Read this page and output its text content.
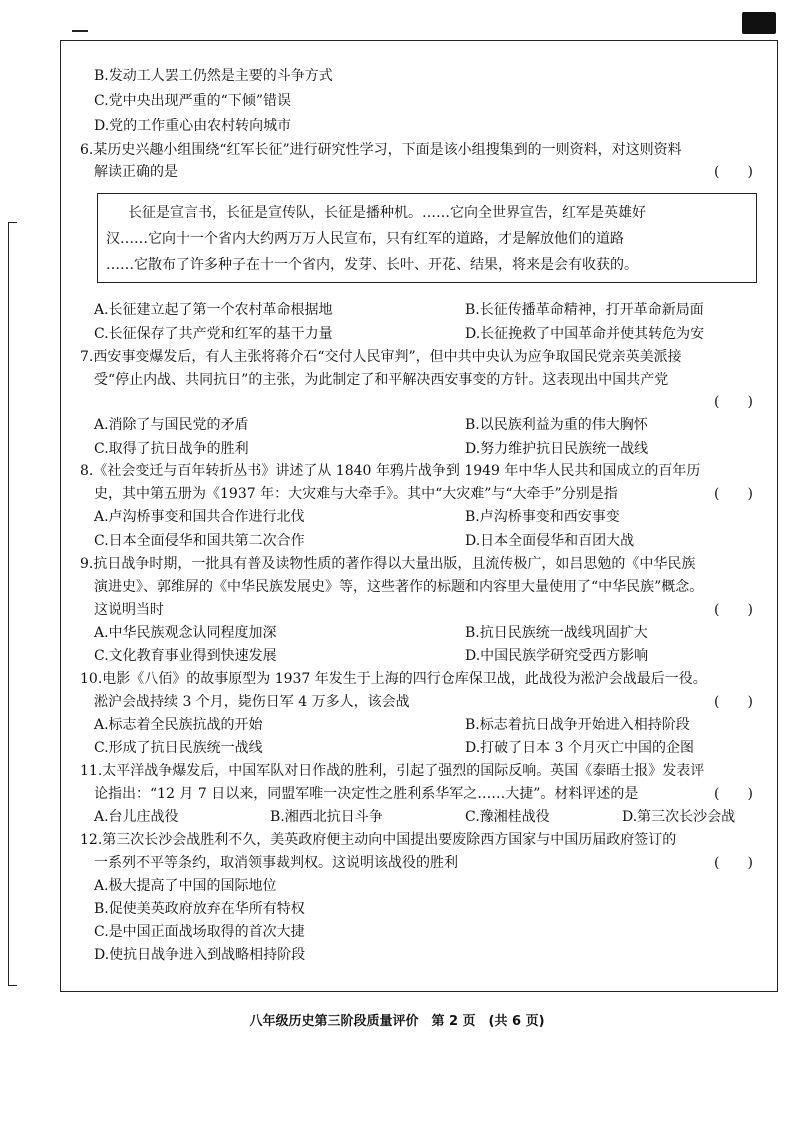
B.发动工人罢工仍然是主要的斗争方式
C.党中央出现严重的“下倾”错误
D.党的工作重心由农村转向城市
6.某历史兴趣小组围绕“红军长征”进行研究性学习，下面是该小组搜集到的一则资料，对这则资料
解读正确的是	(　　)
长征是宣言书，长征是宣传队，长征是播种机。……它向全世界宣告，红军是英雄好
汉……它向十一个省内大约两万万人民宣布，只有红军的道路，才是解放他们的道路
……它散布了许多种子在十一个省内，发芽、长叶、开花、结果，将来是会有收获的。
A.长征建立起了第一个农村革命根据地	B.长征传播革命精神，打开革命新局面
C.长征保存了共产党和红军的基干力量	D.长征挽救了中国革命并使其转危为安
7.西安事变爆发后，有人主张将蒋介石“交付人民审判”，但中共中央认为应争取国民党亲英美派接
受“停止内战、共同抗日”的主张，为此制定了和平解决西安事变的方针。这表现出中国共产党
(　　)
A.消除了与国民党的矛盾	B.以民族利益为重的伟大胸怀
C.取得了抗日战争的胜利	D.努力维护抗日民族统一战线
8.《社会变迁与百年转折丛书》讲述了从 1840 年鸦片战争到 1949 年中华人民共和国成立的百年历
史，其中第五册为《1937 年：大灾难与大牵手》。其中“大灾难”与“大牵手”分别是指	(　　)
A.卢沟桥事变和国共合作进行北伐	B.卢沟桥事变和西安事变
C.日本全面侵华和国共第二次合作	D.日本全面侵华和百团大战
9.抗日战争时期，一批具有普及读物性质的著作得以大量出版，且流传极广，如吕思勉的《中华民族
演进史》、郭维屏的《中华民族发展史》等，这些著作的标题和内容里大量使用了“中华民族”概念。
这说明当时	(　　)
A.中华民族观念认同程度加深	B.抗日民族统一战线巩固扩大
C.文化教育事业得到快速发展	D.中国民族学研究受西方影响
10.电影《八佰》的故事原型为 1937 年发生于上海的四行仓库保卫战，此战役为淞沪会战最后一役。
淞沪会战持续 3 个月，毙伤日军 4 万多人，该会战	(　　)
A.标志着全民族抗战的开始	B.标志着抗日战争开始进入相持阶段
C.形成了抗日民族统一战线	D.打破了日本 3 个月灭亡中国的企图
11.太平洋战争爆发后，中国军队对日作战的胜利，引起了强烈的国际反响。英国《泰晤士报》发表评
论指出：“12 月 7 日以来，同盟军唯一决定性之胜利系华军之……大捷”。材料评述的是	(　　)
A.台儿庄战役	B.湘西北抗日斗争	C.豫湘桂战役	D.第三次长沙会战
12.第三次长沙会战胜利不久，美英政府便主动向中国提出要废除西方国家与中国历届政府签订的
一系列不平等条约，取消领事裁判权。这说明该战役的胜利	(　　)
A.极大提高了中国的国际地位
B.促使美英政府放弃在华所有特权
C.是中国正面战场取得的首次大捷
D.使抗日战争进入到战略相持阶段
八年级历史第三阶段质量评价　第 2 页　(共 6 页)
